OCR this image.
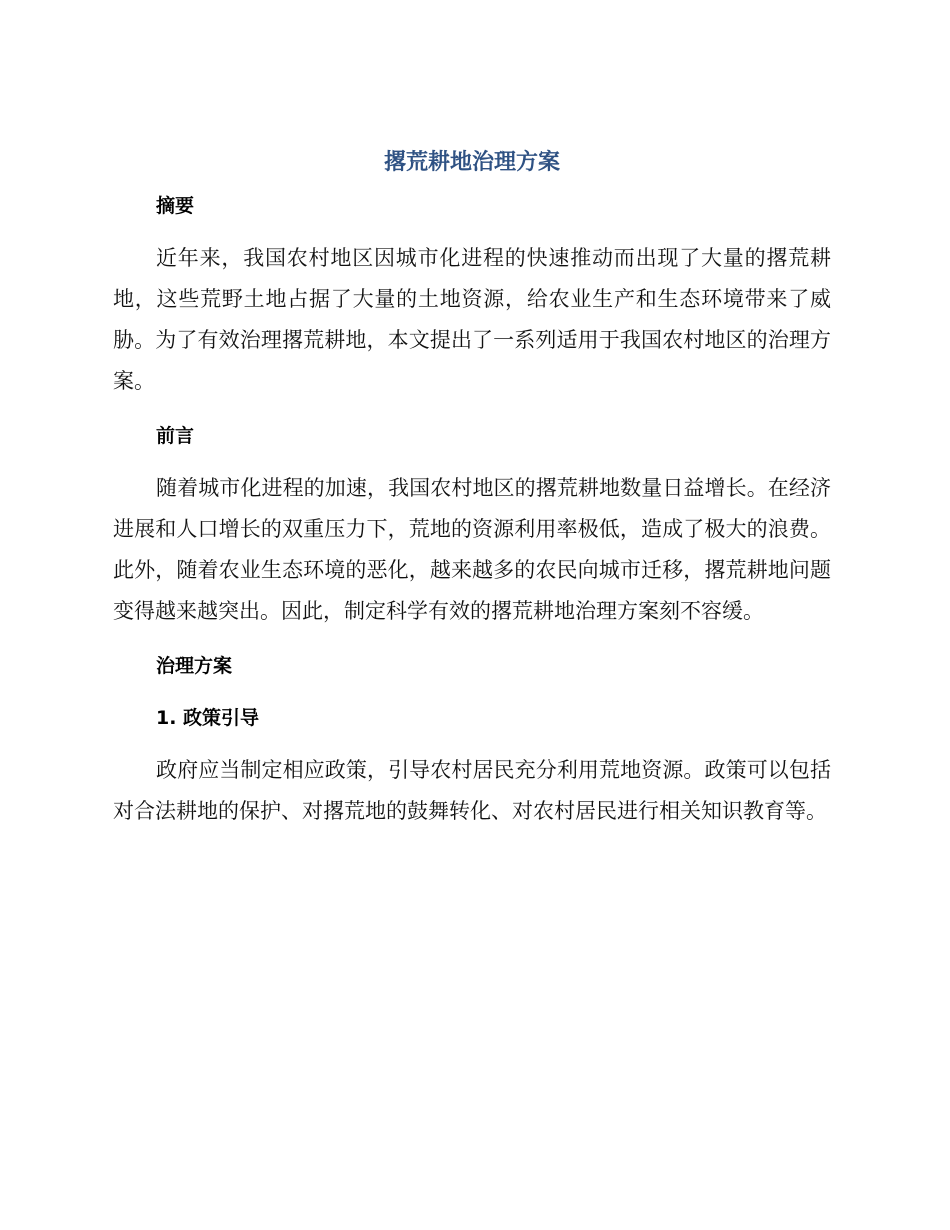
撂荒耕地治理方案
摘要

近年来，我国农村地区因城市化进程的快速推动而出现了大量的撂荒耕地，这些荒野土地占据了大量的土地资源，给农业生产和生态环境带来了威胁。为了有效治理撂荒耕地，本文提出了一系列适用于我国农村地区的治理方案。

前言

随着城市化进程的加速，我国农村地区的撂荒耕地数量日益增长。在经济进展和人口增长的双重压力下，荒地的资源利用率极低，造成了极大的浪费。此外，随着农业生态环境的恶化，越来越多的农民向城市迁移，撂荒耕地问题变得越来越突出。因此，制定科学有效的撂荒耕地治理方案刻不容缓。

治理方案
1. 政策引导

政府应当制定相应政策，引导农村居民充分利用荒地资源。政策可以包括对合法耕地的保护、对撂荒地的鼓舞转化、对农村居民进行相关知识教育等。
